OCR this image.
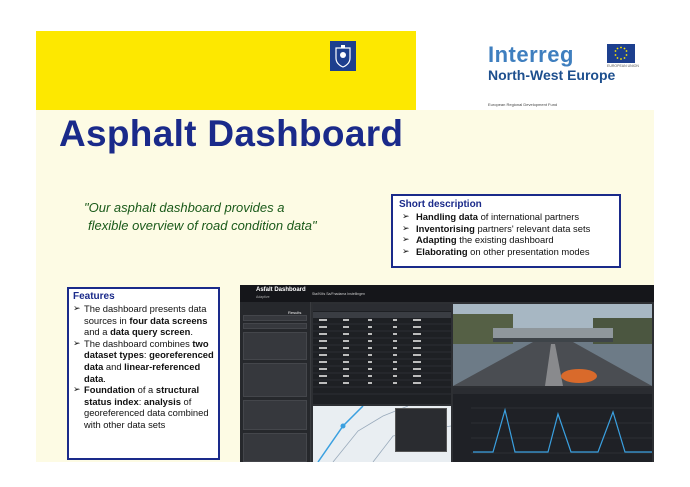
Interreg	EUROPEAN UNION
North-West Europe
European Regional Development Fund
Asphalt Dashboard
"Our asphalt dashboard provides a
flexible overview of road condition data"
Short description
➢ Handling data of international partners
➢ Inventorising partners' relevant data sets
➢ Adapting the existing dashboard
➢ Elaborating on other presentation modes
Features
➢ The dashboard presents data sources in four data screens and a data query screen.
➢ The dashboard combines two dataset types: georeferenced data and linear-referenced data.
➢ Foundation of a structural status index: analysis of georeferenced data combined with other data sets
Asfalt Dashboard
Adaptive
Sta/KMs Sa/Fnadama Instellingen
Results
